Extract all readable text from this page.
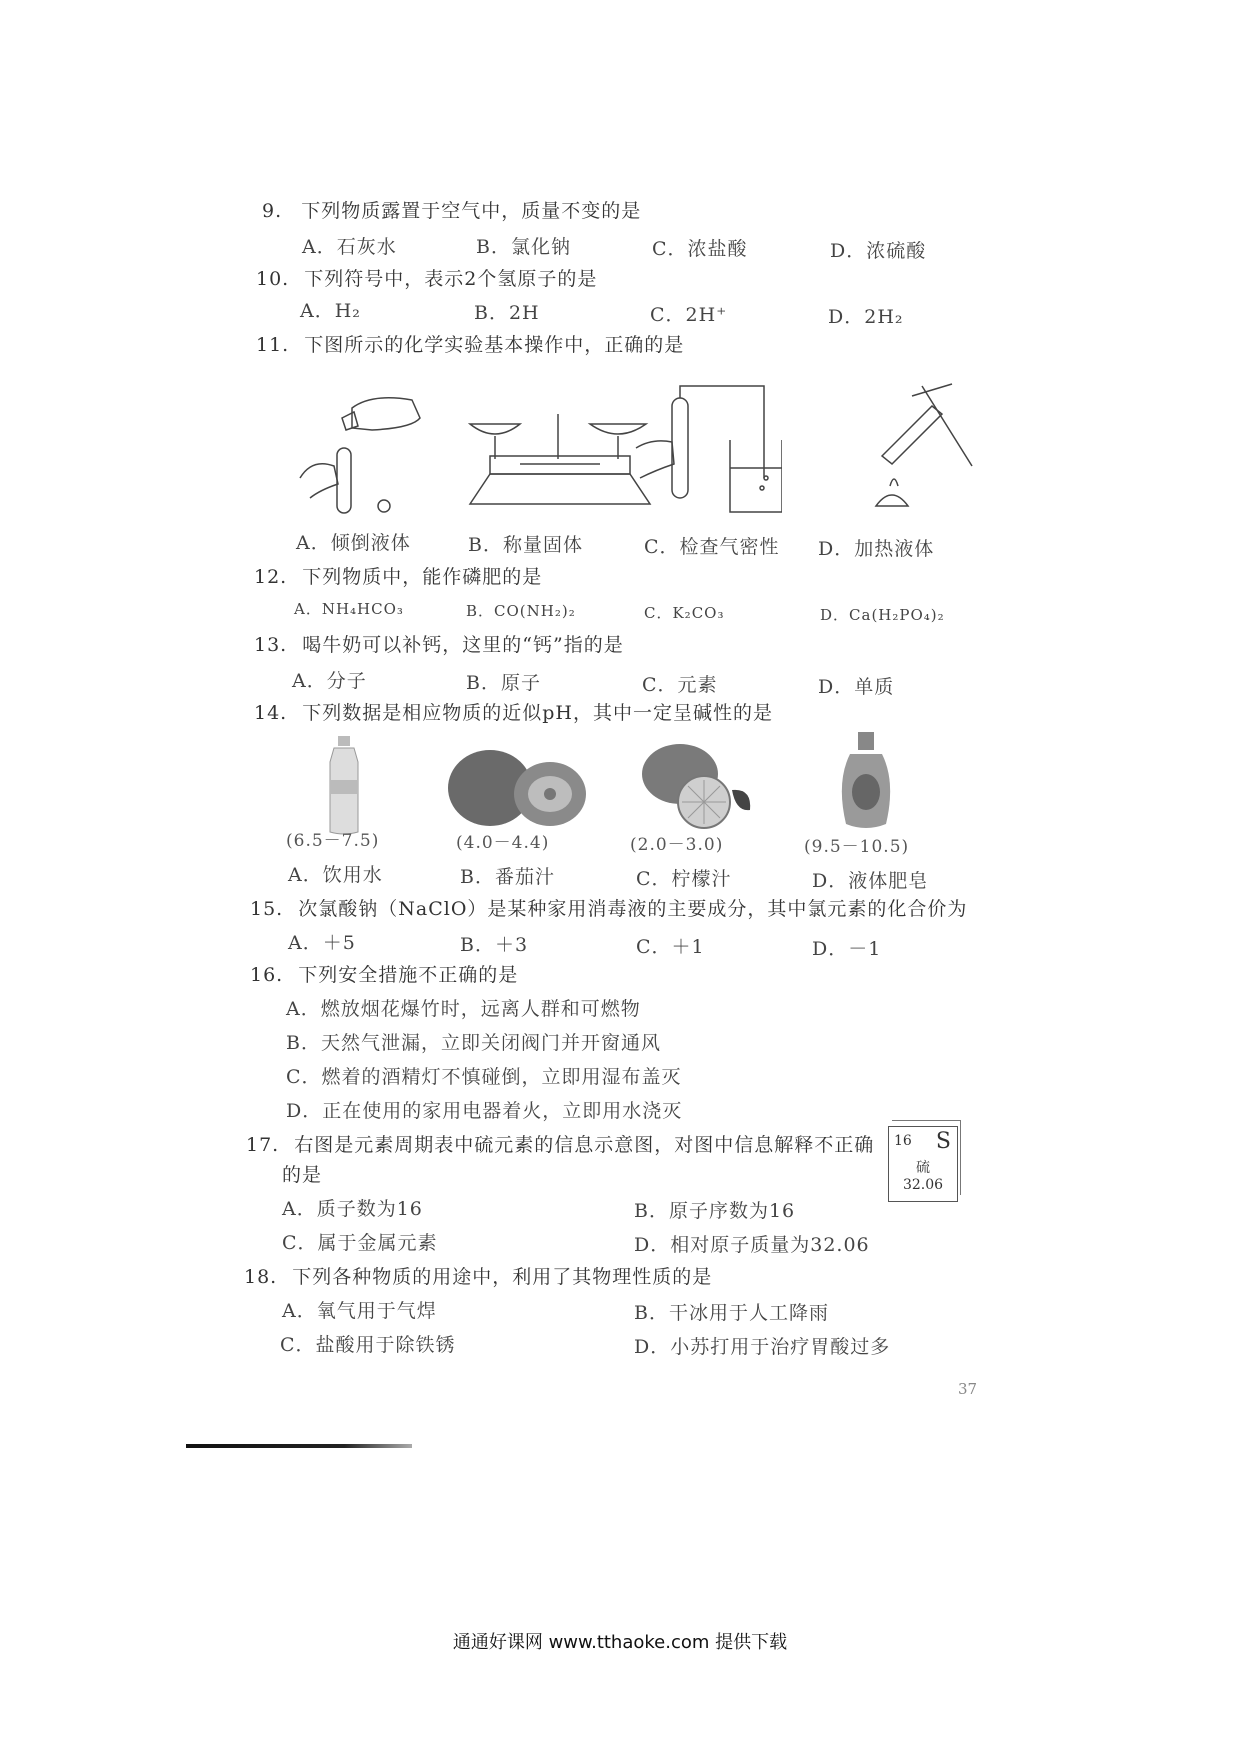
9. 下列物质露置于空气中，质量不变的是
A．石灰水	B．氯化钠	C．浓盐酸	D．浓硫酸
10. 下列符号中，表示2个氢原子的是
A．H₂	B．2H	C．2H⁺	D．2H₂
11. 下图所示的化学实验基本操作中，正确的是
A．倾倒液体	B．称量固体	C．检查气密性 D．加热液体
12. 下列物质中，能作磷肥的是
A．NH₄HCO₃	B．CO(NH₂)₂	C．K₂CO₃	D．Ca(H₂PO₄)₂
13. 喝牛奶可以补钙，这里的“钙”指的是
A．分子	B．原子	C．元素	D．单质
14. 下列数据是相应物质的近似pH，其中一定呈碱性的是
(6.5－7.5)	(4.0－4.4)	(2.0－3.0)	(9.5－10.5)
A．饮用水	B．番茄汁	C．柠檬汁	D．液体肥皂
15. 次氯酸钠（NaClO）是某种家用消毒液的主要成分，其中氯元素的化合价为
A．＋5	B．＋3	C．＋1	D．－1
16. 下列安全措施不正确的是
A．燃放烟花爆竹时，远离人群和可燃物
B．天然气泄漏，立即关闭阀门并开窗通风
C．燃着的酒精灯不慎碰倒，立即用湿布盖灭
D．正在使用的家用电器着火，立即用水浇灭
17. 右图是元素周期表中硫元素的信息示意图，对图中信息解释不正确
的是
A．质子数为16	B．原子序数为16
C．属于金属元素	D．相对原子质量为32.06
16 S
硫
32.06
18. 下列各种物质的用途中，利用了其物理性质的是
A．氧气用于气焊	B．干冰用于人工降雨
C．盐酸用于除铁锈	D．小苏打用于治疗胃酸过多
37
通通好课网 www.tthaoke.com 提供下载
